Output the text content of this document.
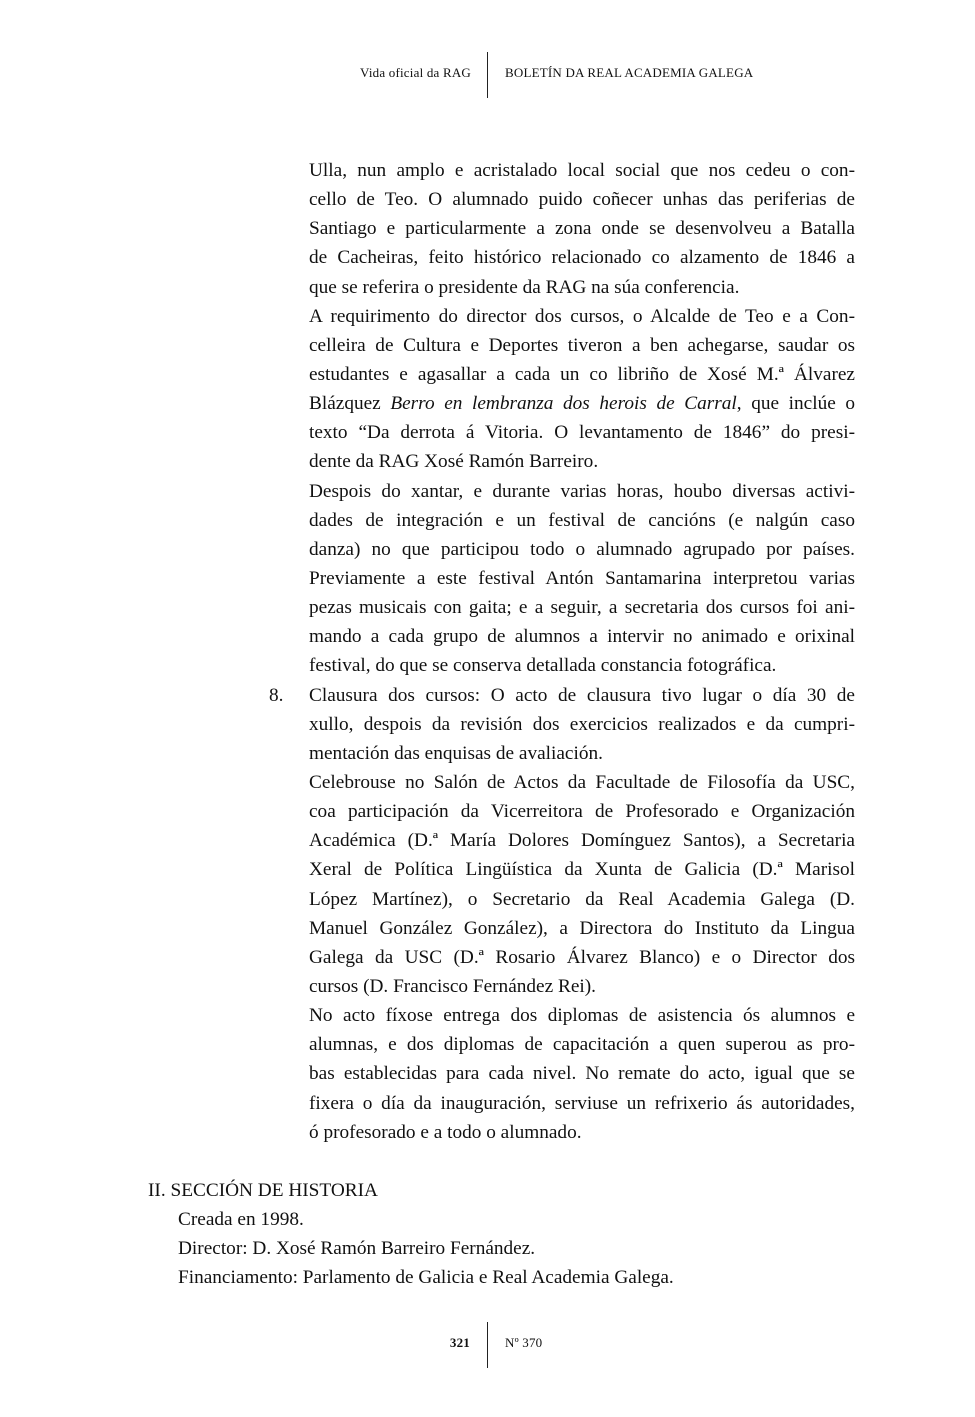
Vida oficial da RAG	BOLETÍN DA REAL ACADEMIA GALEGA
Ulla, nun amplo e acristalado local social que nos cedeu o con-
cello de Teo. O alumnado puido coñecer unhas das periferias de
Santiago e particularmente a zona onde se desenvolveu a Batalla
de Cacheiras, feito histórico relacionado co alzamento de 1846 a
que se referira o presidente da RAG na súa conferencia.
A requirimento do director dos cursos, o Alcalde de Teo e a Con-
celleira de Cultura e Deportes tiveron a ben achegarse, saudar os
estudantes e agasallar a cada un co libriño de Xosé M.ª Álvarez
Blázquez Berro en lembranza dos herois de Carral, que inclúe o
texto “Da derrota á Vitoria. O levantamento de 1846” do presi-
dente da RAG Xosé Ramón Barreiro.
Despois do xantar, e durante varias horas, houbo diversas activi-
dades de integración e un festival de cancións (e nalgún caso
danza) no que participou todo o alumnado agrupado por países.
Previamente a este festival Antón Santamarina interpretou varias
pezas musicais con gaita; e a seguir, a secretaria dos cursos foi ani-
mando a cada grupo de alumnos a intervir no animado e orixinal
festival, do que se conserva detallada constancia fotográfica.
Clausura dos cursos: O acto de clausura tivo lugar o día 30 de
8.
xullo, despois da revisión dos exercicios realizados e da cumpri-
mentación das enquisas de avaliación.
Celebrouse no Salón de Actos da Facultade de Filosofía da USC,
coa participación da Vicerreitora de Profesorado e Organización
Académica (D.ª María Dolores Domínguez Santos), a Secretaria
Xeral de Política Lingüística da Xunta de Galicia (D.ª Marisol
López Martínez), o Secretario da Real Academia Galega (D.
Manuel González González), a Directora do Instituto da Lingua
Galega da USC (D.ª Rosario Álvarez Blanco) e o Director dos
cursos (D. Francisco Fernández Rei).
No acto fíxose entrega dos diplomas de asistencia ós alumnos e
alumnas, e dos diplomas de capacitación a quen superou as pro-
bas establecidas para cada nivel. No remate do acto, igual que se
fixera o día da inauguración, serviuse un refrixerio ás autoridades,
ó profesorado e a todo o alumnado.
II. SECCIÓN DE HISTORIA
Creada en 1998.
Director: D. Xosé Ramón Barreiro Fernández.
Financiamento: Parlamento de Galicia e Real Academia Galega.
321	Nº 370
